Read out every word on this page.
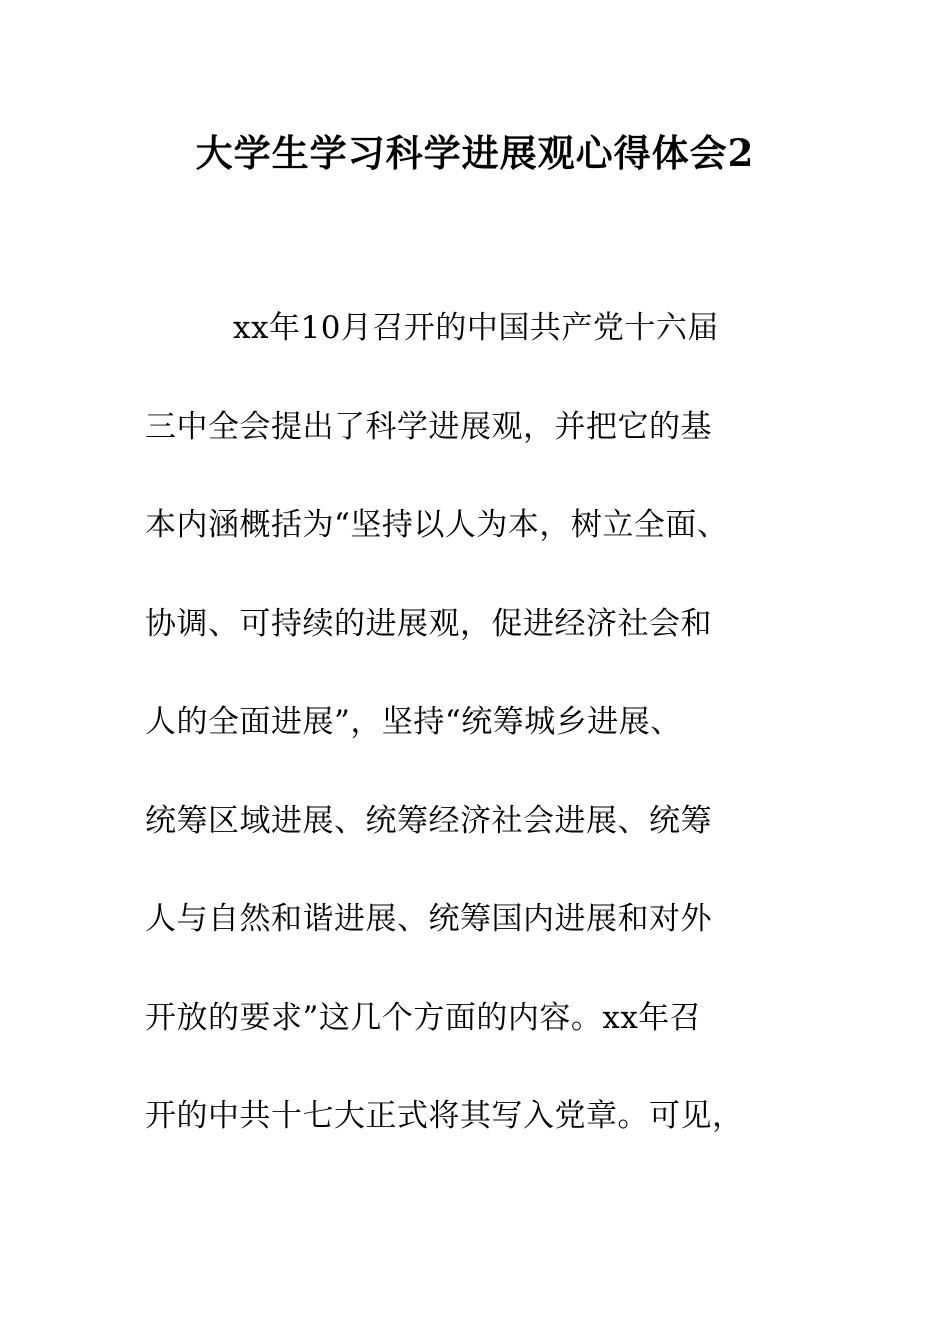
大学生学习科学进展观心得体会2
xx年10月召开的中国共产党十六届
三中全会提出了科学进展观，并把它的基
本内涵概括为“坚持以人为本，树立全面、
协调、可持续的进展观，促进经济社会和
人的全面进展”，坚持“统筹城乡进展、
统筹区域进展、统筹经济社会进展、统筹
人与自然和谐进展、统筹国内进展和对外
开放的要求”这几个方面的内容。xx年召
开的中共十七大正式将其写入党章。可见，
